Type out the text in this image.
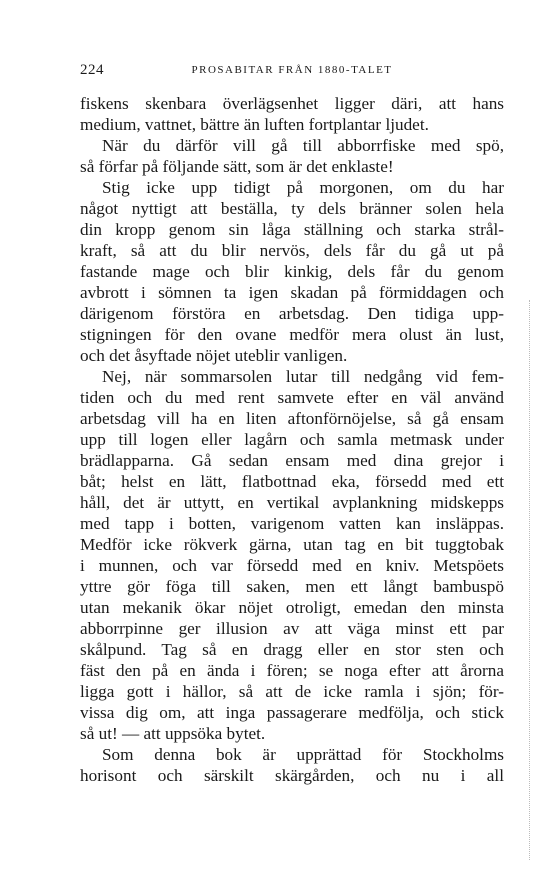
224	PROSABITAR FRÅN 1880-TALET
fiskens skenbara överlägsenhet ligger däri, att hans
medium, vattnet, bättre än luften fortplantar ljudet.
När du därför vill gå till abborrfiske med spö,
så förfar på följande sätt, som är det enklaste!
Stig icke upp tidigt på morgonen, om du har
något nyttigt att beställa, ty dels bränner solen hela
din kropp genom sin låga ställning och starka strål-
kraft, så att du blir nervös, dels får du gå ut på
fastande mage och blir kinkig, dels får du genom
avbrott i sömnen ta igen skadan på förmiddagen och
därigenom förstöra en arbetsdag. Den tidiga upp-
stigningen för den ovane medför mera olust än lust,
och det åsyftade nöjet uteblir vanligen.
Nej, när sommarsolen lutar till nedgång vid fem-
tiden och du med rent samvete efter en väl använd
arbetsdag vill ha en liten aftonförnöjelse, så gå ensam
upp till logen eller lagårn och samla metmask under
brädlapparna. Gå sedan ensam med dina grejor i
båt; helst en lätt, flatbottnad eka, försedd med ett
håll, det är uttytt, en vertikal avplankning midskepps
med tapp i botten, varigenom vatten kan insläppas.
Medför icke rökverk gärna, utan tag en bit tuggtobak
i munnen, och var försedd med en kniv. Metspöets
yttre gör föga till saken, men ett långt bambuspö
utan mekanik ökar nöjet otroligt, emedan den minsta
abborrpinne ger illusion av att väga minst ett par
skålpund. Tag så en dragg eller en stor sten och
fäst den på en ända i fören; se noga efter att årorna
ligga gott i hällor, så att de icke ramla i sjön; för-
vissa dig om, att inga passagerare medfölja, och stick
så ut! — att uppsöka bytet.
Som denna bok är upprättad för Stockholms
horisont och särskilt skärgården, och nu i all
